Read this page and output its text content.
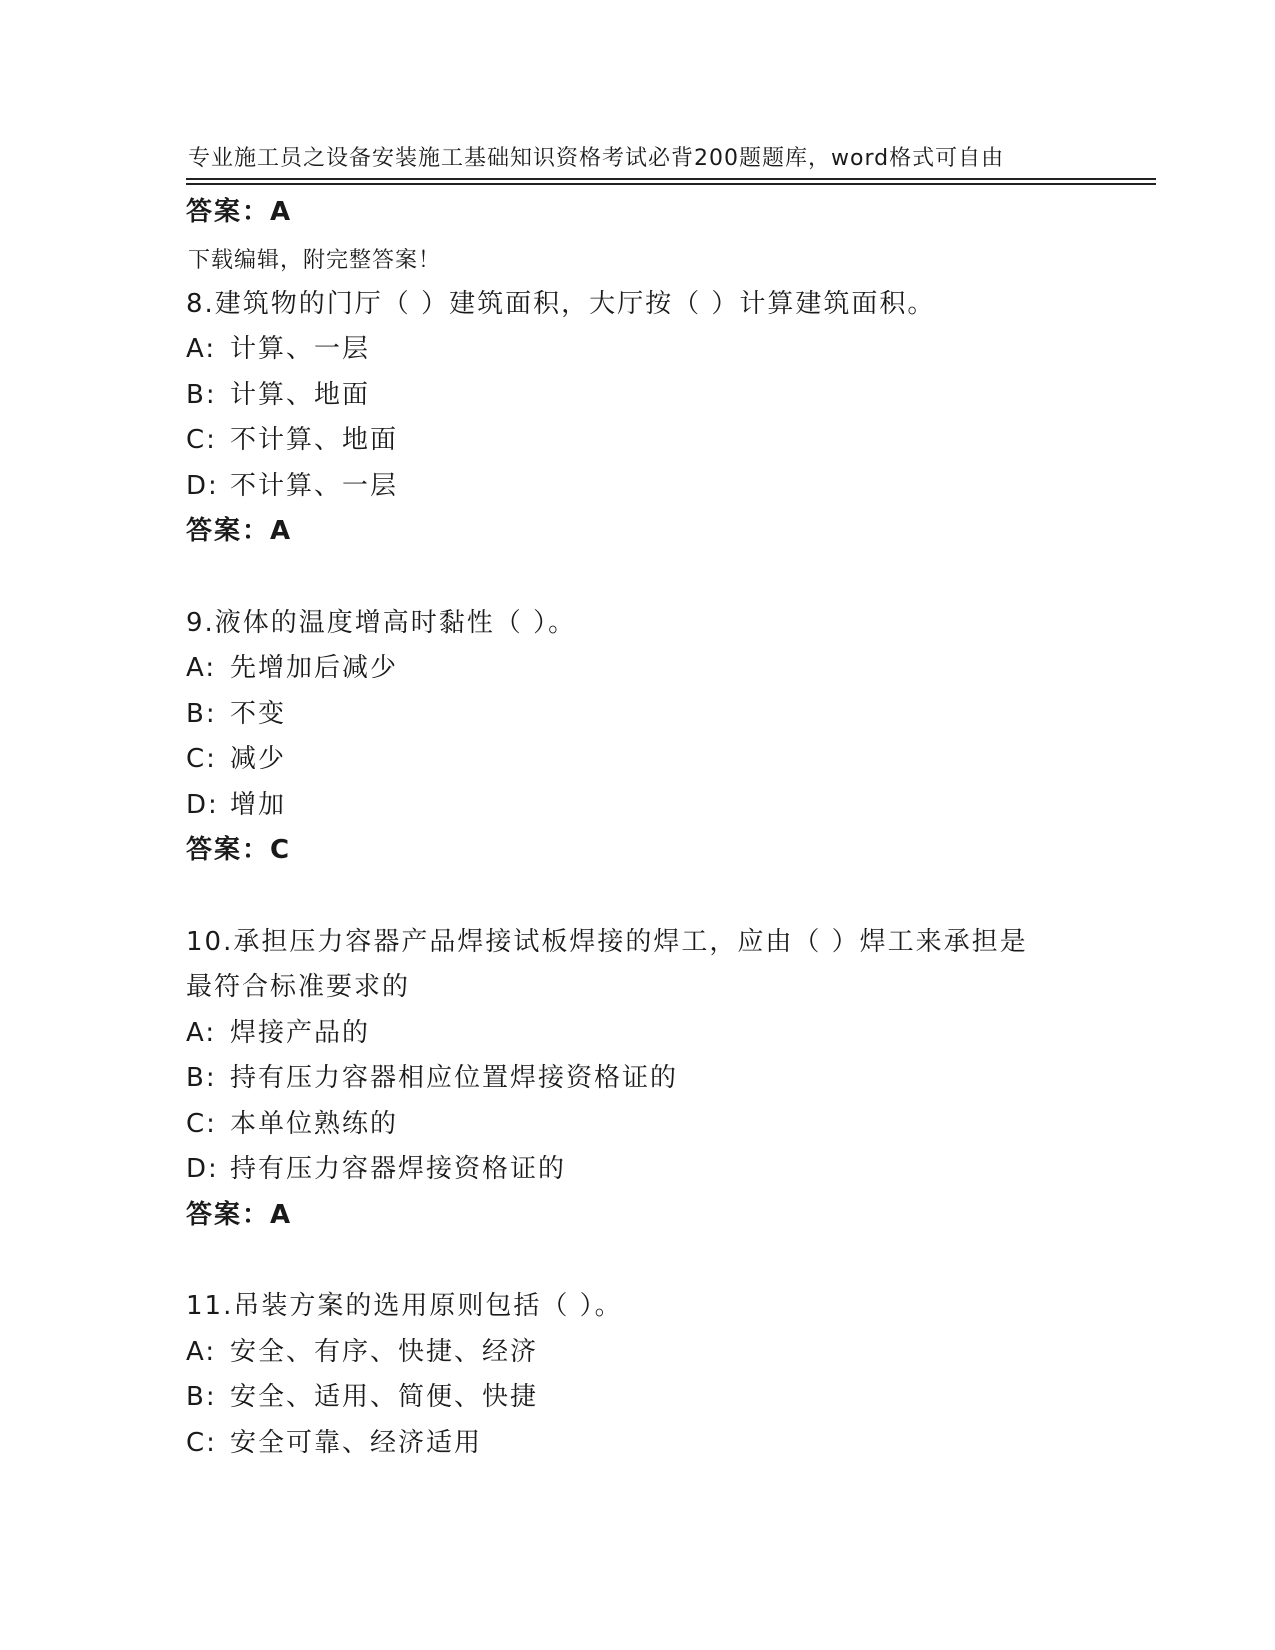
专业施工员之设备安装施工基础知识资格考试必背200题题库，word格式可自由

下载编辑，附完整答案！

答案：A
8.建筑物的门厅（ ）建筑面积，大厅按（ ）计算建筑面积。
A: 计算、一层
B: 计算、地面
C: 不计算、地面
D: 不计算、一层
答案：A
9.液体的温度增高时黏性（ ）。
A: 先增加后减少
B: 不变
C: 减少
D: 增加
答案：C
10.承担压力容器产品焊接试板焊接的焊工，应由（ ）焊工来承担是
最符合标准要求的
A: 焊接产品的
B: 持有压力容器相应位置焊接资格证的
C: 本单位熟练的
D: 持有压力容器焊接资格证的
答案：A
11.吊装方案的选用原则包括（ ）。
A: 安全、有序、快捷、经济
B: 安全、适用、简便、快捷
C: 安全可靠、经济适用
